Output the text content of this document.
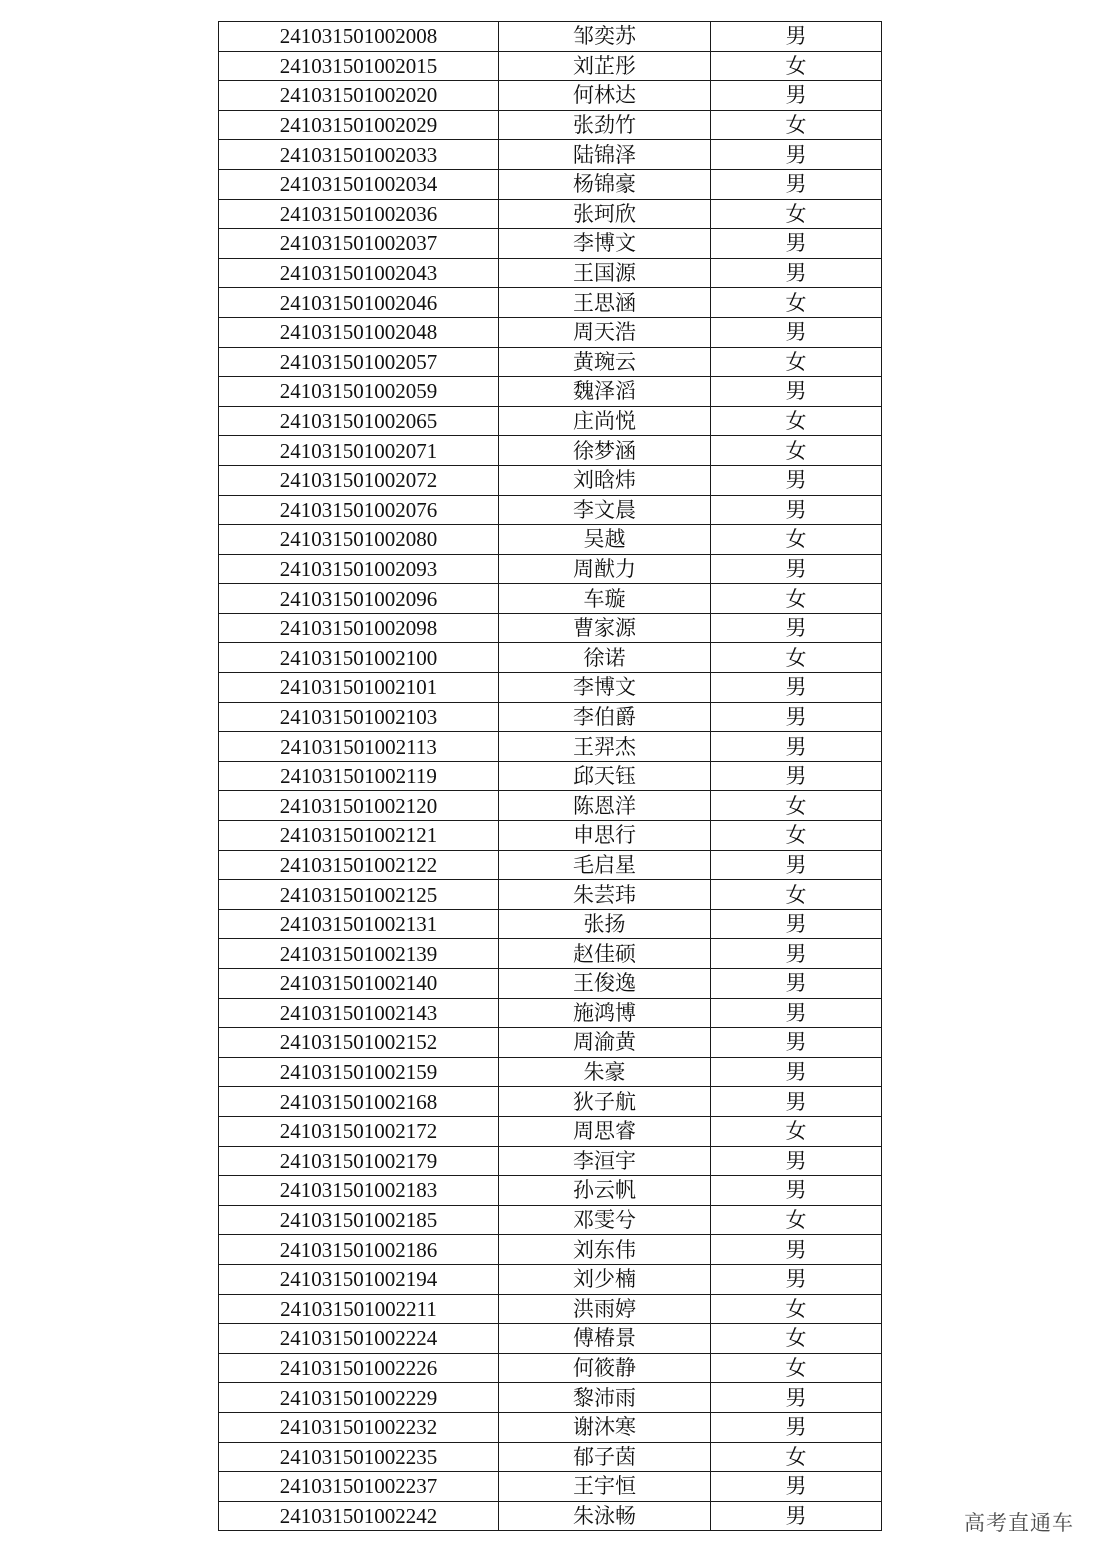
241031501002008	邹奕苏	男
241031501002015	刘芷彤	女
241031501002020	何林达	男
241031501002029	张劲竹	女
241031501002033	陆锦泽	男
241031501002034	杨锦豪	男
241031501002036	张珂欣	女
241031501002037	李博文	男
241031501002043	王国源	男
241031501002046	王思涵	女
241031501002048	周天浩	男
241031501002057	黄琬云	女
241031501002059	魏泽滔	男
241031501002065	庄尚悦	女
241031501002071	徐梦涵	女
241031501002072	刘晗炜	男
241031501002076	李文晨	男
241031501002080	吴越	女
241031501002093	周猷力	男
241031501002096	车璇	女
241031501002098	曹家源	男
241031501002100	徐诺	女
241031501002101	李博文	男
241031501002103	李伯爵	男
241031501002113	王羿杰	男
241031501002119	邱天钰	男
241031501002120	陈恩洋	女
241031501002121	申思行	女
241031501002122	毛启星	男
241031501002125	朱芸玮	女
241031501002131	张扬	男
241031501002139	赵佳硕	男
241031501002140	王俊逸	男
241031501002143	施鸿博	男
241031501002152	周渝黄	男
241031501002159	朱豪	男
241031501002168	狄子航	男
241031501002172	周思睿	女
241031501002179	李洹宇	男
241031501002183	孙云帆	男
241031501002185	邓雯兮	女
241031501002186	刘东伟	男
241031501002194	刘少楠	男
241031501002211	洪雨婷	女
241031501002224	傅椿景	女
241031501002226	何筱静	女
241031501002229	黎沛雨	男
241031501002232	谢沐寒	男
241031501002235	郁子茵	女
241031501002237	王宇恒	男
241031501002242	朱泳畅	男	高考直通车
